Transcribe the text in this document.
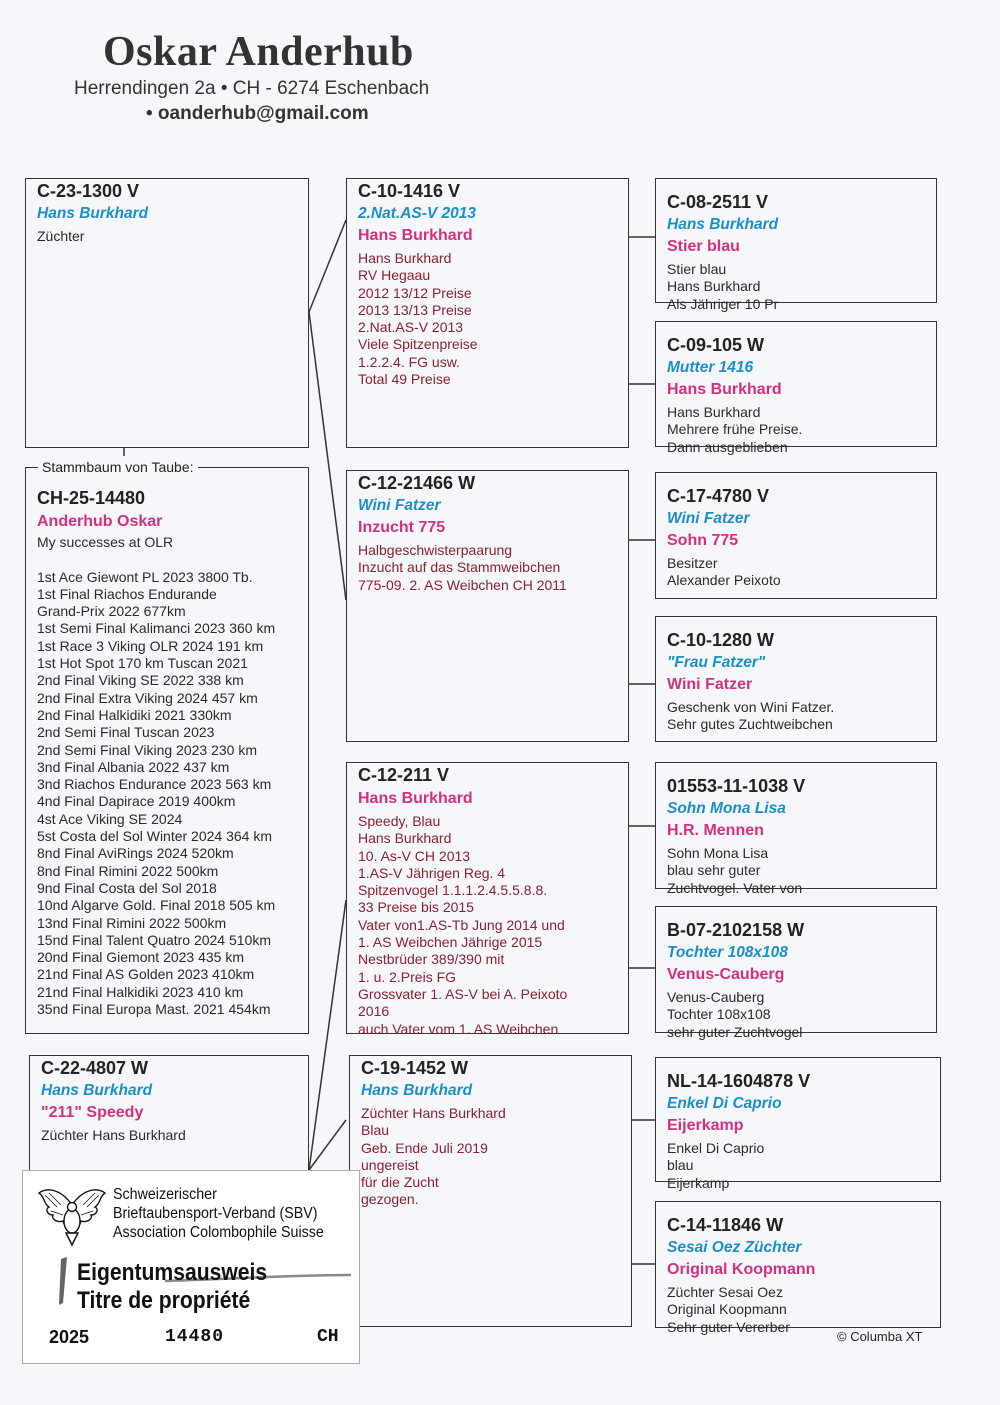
Oskar Anderhub
Herrendingen 2a • CH - 6274 Eschenbach
• oanderhub@gmail.com
C-23-1300 V
Hans Burkhard
Züchter
CH-25-14480
Anderhub Oskar
My successes at OLR

1st Ace Giewont PL 2023 3800 Tb.
1st Final Riachos Endurande
Grand-Prix 2022 677km
1st Semi Final Kalimanci 2023 360 km
1st Race 3 Viking OLR 2024 191 km
1st Hot Spot 170 km Tuscan 2021
2nd Final Viking SE 2022 338 km
2nd Final Extra Viking 2024 457 km
2nd Final Halkidiki 2021 330km
2nd Semi Final Tuscan 2023
2nd Semi Final Viking 2023 230 km
3nd Final Albania 2022 437 km
3nd Riachos Endurance 2023 563 km
4nd Final Dapirace 2019 400km
4st Ace Viking SE 2024
5st Costa del Sol Winter 2024 364 km
8nd Final AviRings 2024 520km
8nd Final Rimini 2022 500km
9nd Final Costa del Sol 2018
10nd Algarve Gold. Final 2018 505 km
13nd Final Rimini 2022 500km
15nd Final Talent Quatro 2024 510km
20nd Final Giemont 2023 435 km
21nd Final AS Golden 2023 410km
21nd Final Halkidiki 2023 410 km
35nd Final Europa Mast. 2021 454km
Stammbaum von Taube:
C-22-4807 W
Hans Burkhard
"211" Speedy
Züchter Hans Burkhard
C-10-1416 V
2.Nat.AS-V 2013
Hans Burkhard
Hans Burkhard
RV Hegaau
2012 13/12 Preise
2013 13/13 Preise
2.Nat.AS-V 2013
Viele Spitzenpreise
1.2.2.4. FG usw.
Total 49 Preise
C-12-21466 W
Wini Fatzer
Inzucht 775
Halbgeschwisterpaarung
Inzucht auf das Stammweibchen
775-09. 2. AS Weibchen CH 2011
C-12-211 V
Hans Burkhard
Speedy, Blau
Hans Burkhard
10. As-V CH 2013
1.AS-V Jährigen Reg. 4
Spitzenvogel 1.1.1.2.4.5.5.8.8.
33 Preise bis 2015
Vater von1.AS-Tb Jung 2014 und
1. AS Weibchen Jährige 2015
Nestbrüder 389/390 mit
1. u. 2.Preis FG
Grossvater 1. AS-V bei A. Peixoto
2016
auch Vater vom 1. AS Weibchen
C-19-1452 W
Hans Burkhard
Züchter Hans Burkhard
Blau
Geb. Ende Juli 2019
ungereist
für die Zucht
gezogen.
C-08-2511 V
Hans Burkhard
Stier blau
Stier blau
Hans Burkhard
Als Jähriger 10 Pr
C-09-105 W
Mutter 1416
Hans Burkhard
Hans Burkhard
Mehrere frühe Preise.
Dann ausgeblieben
C-17-4780 V
Wini Fatzer
Sohn 775
Besitzer
Alexander Peixoto
C-10-1280 W
"Frau Fatzer"
Wini Fatzer
Geschenk von Wini Fatzer.
Sehr gutes Zuchtweibchen
01553-11-1038 V
Sohn Mona Lisa
H.R. Mennen
Sohn Mona Lisa
blau sehr guter
Zuchtvogel. Vater von
B-07-2102158 W
Tochter 108x108
Venus-Cauberg
Venus-Cauberg
Tochter 108x108
sehr guter Zuchtvogel
NL-14-1604878 V
Enkel Di Caprio
Eijerkamp
Enkel Di Caprio
blau
Eijerkamp
C-14-11846 W
Sesai Oez Züchter
Original Koopmann
Züchter Sesai Oez
Original Koopmann
Sehr guter Vererber
© Columba XT
Schweizerischer
Brieftaubensport-Verband (SBV)
Association Colombophile Suisse
Eigentumsausweis
Titre de propriété
2025	14480	CH
